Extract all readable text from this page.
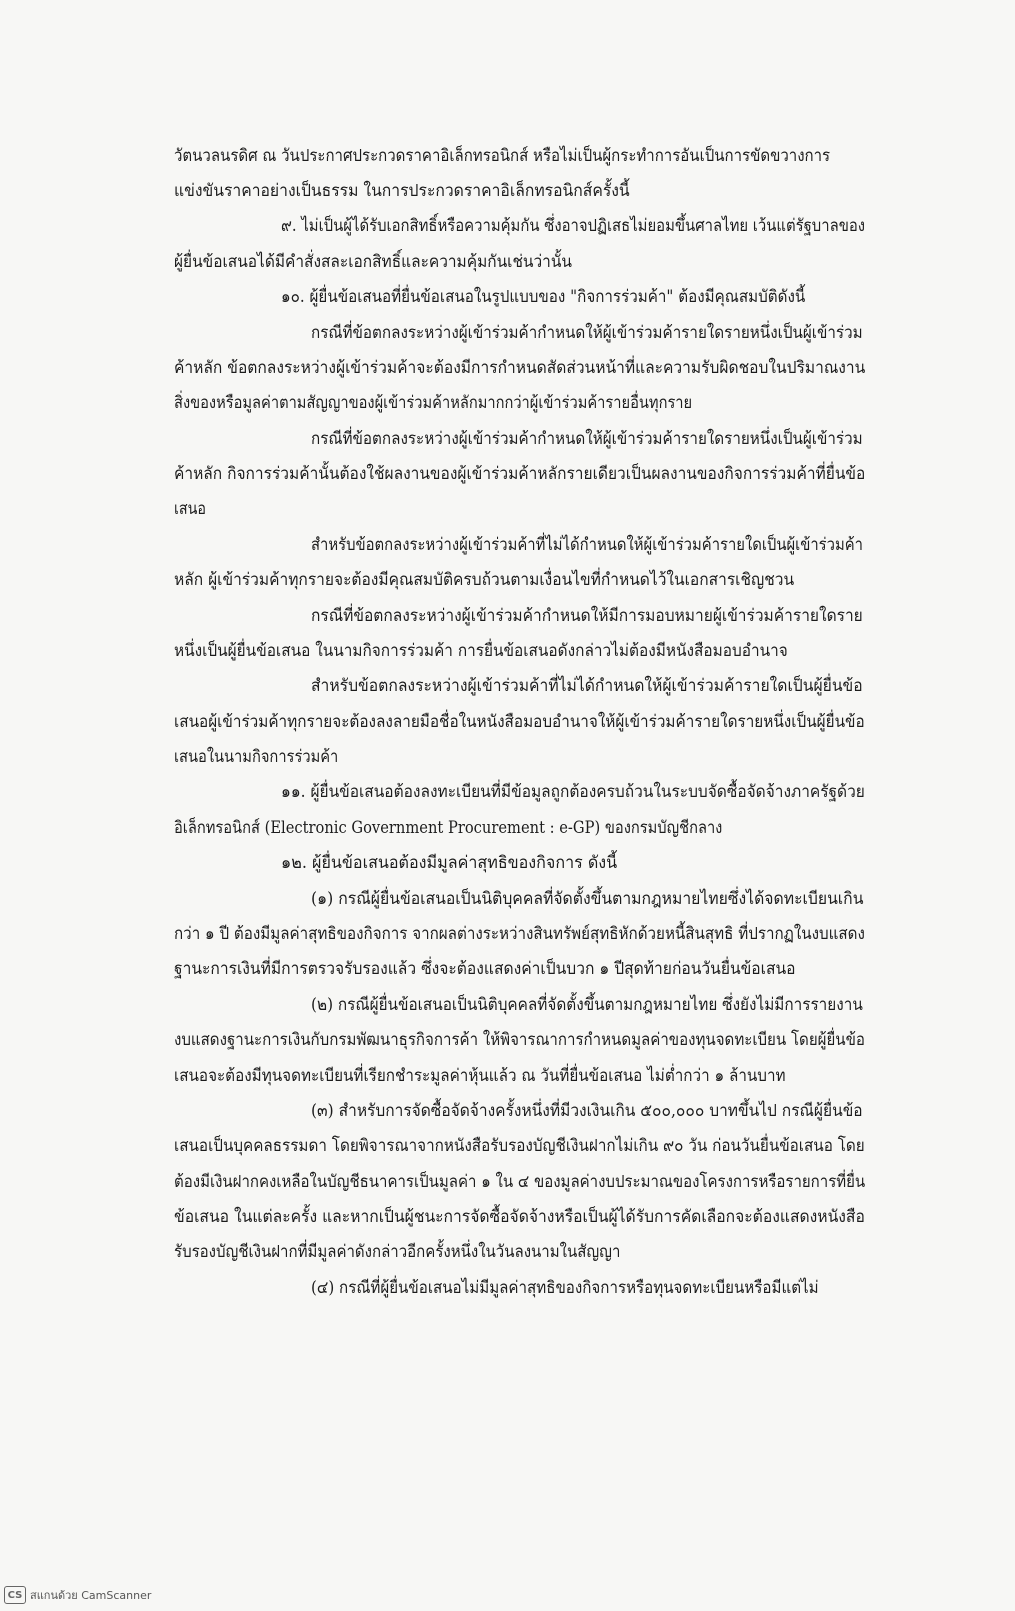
วัตนวลนรดิศ ณ วันประกาศประกวดราคาอิเล็กทรอนิกส์ หรือไม่เป็นผู้กระทำการอันเป็นการขัดขวางการ
แข่งขันราคาอย่างเป็นธรรม ในการประกวดราคาอิเล็กทรอนิกส์ครั้งนี้
๙. ไม่เป็นผู้ได้รับเอกสิทธิ์หรือความคุ้มกัน ซึ่งอาจปฏิเสธไม่ยอมขึ้นศาลไทย เว้นแต่รัฐบาลของ
ผู้ยื่นข้อเสนอได้มีคำสั่งสละเอกสิทธิ์และความคุ้มกันเช่นว่านั้น
๑๐. ผู้ยื่นข้อเสนอที่ยื่นข้อเสนอในรูปแบบของ "กิจการร่วมค้า" ต้องมีคุณสมบัติดังนี้
กรณีที่ข้อตกลงระหว่างผู้เข้าร่วมค้ากำหนดให้ผู้เข้าร่วมค้ารายใดรายหนึ่งเป็นผู้เข้าร่วม
ค้าหลัก ข้อตกลงระหว่างผู้เข้าร่วมค้าจะต้องมีการกำหนดสัดส่วนหน้าที่และความรับผิดชอบในปริมาณงาน
สิ่งของหรือมูลค่าตามสัญญาของผู้เข้าร่วมค้าหลักมากกว่าผู้เข้าร่วมค้ารายอื่นทุกราย
กรณีที่ข้อตกลงระหว่างผู้เข้าร่วมค้ากำหนดให้ผู้เข้าร่วมค้ารายใดรายหนึ่งเป็นผู้เข้าร่วม
ค้าหลัก กิจการร่วมค้านั้นต้องใช้ผลงานของผู้เข้าร่วมค้าหลักรายเดียวเป็นผลงานของกิจการร่วมค้าที่ยื่นข้อ
เสนอ
สำหรับข้อตกลงระหว่างผู้เข้าร่วมค้าที่ไม่ได้กำหนดให้ผู้เข้าร่วมค้ารายใดเป็นผู้เข้าร่วมค้า
หลัก ผู้เข้าร่วมค้าทุกรายจะต้องมีคุณสมบัติครบถ้วนตามเงื่อนไขที่กำหนดไว้ในเอกสารเชิญชวน
กรณีที่ข้อตกลงระหว่างผู้เข้าร่วมค้ากำหนดให้มีการมอบหมายผู้เข้าร่วมค้ารายใดราย
หนึ่งเป็นผู้ยื่นข้อเสนอ ในนามกิจการร่วมค้า การยื่นข้อเสนอดังกล่าวไม่ต้องมีหนังสือมอบอำนาจ
สำหรับข้อตกลงระหว่างผู้เข้าร่วมค้าที่ไม่ได้กำหนดให้ผู้เข้าร่วมค้ารายใดเป็นผู้ยื่นข้อ
เสนอผู้เข้าร่วมค้าทุกรายจะต้องลงลายมือชื่อในหนังสือมอบอำนาจให้ผู้เข้าร่วมค้ารายใดรายหนึ่งเป็นผู้ยื่นข้อ
เสนอในนามกิจการร่วมค้า
๑๑. ผู้ยื่นข้อเสนอต้องลงทะเบียนที่มีข้อมูลถูกต้องครบถ้วนในระบบจัดซื้อจัดจ้างภาครัฐด้วย
อิเล็กทรอนิกส์ (Electronic Government Procurement : e-GP) ของกรมบัญชีกลาง
๑๒. ผู้ยื่นข้อเสนอต้องมีมูลค่าสุทธิของกิจการ ดังนี้
(๑) กรณีผู้ยื่นข้อเสนอเป็นนิติบุคคลที่จัดตั้งขึ้นตามกฎหมายไทยซึ่งได้จดทะเบียนเกิน
กว่า ๑ ปี ต้องมีมูลค่าสุทธิของกิจการ จากผลต่างระหว่างสินทรัพย์สุทธิหักด้วยหนี้สินสุทธิ ที่ปรากฏในงบแสดง
ฐานะการเงินที่มีการตรวจรับรองแล้ว ซึ่งจะต้องแสดงค่าเป็นบวก ๑ ปีสุดท้ายก่อนวันยื่นข้อเสนอ
(๒) กรณีผู้ยื่นข้อเสนอเป็นนิติบุคคลที่จัดตั้งขึ้นตามกฎหมายไทย ซึ่งยังไม่มีการรายงาน
งบแสดงฐานะการเงินกับกรมพัฒนาธุรกิจการค้า ให้พิจารณาการกำหนดมูลค่าของทุนจดทะเบียน โดยผู้ยื่นข้อ
เสนอจะต้องมีทุนจดทะเบียนที่เรียกชำระมูลค่าหุ้นแล้ว ณ วันที่ยื่นข้อเสนอ ไม่ต่ำกว่า ๑ ล้านบาท
(๓) สำหรับการจัดซื้อจัดจ้างครั้งหนึ่งที่มีวงเงินเกิน ๕๐๐,๐๐๐ บาทขึ้นไป กรณีผู้ยื่นข้อ
เสนอเป็นบุคคลธรรมดา โดยพิจารณาจากหนังสือรับรองบัญชีเงินฝากไม่เกิน ๙๐ วัน ก่อนวันยื่นข้อเสนอ โดย
ต้องมีเงินฝากคงเหลือในบัญชีธนาคารเป็นมูลค่า ๑ ใน ๔ ของมูลค่างบประมาณของโครงการหรือรายการที่ยื่น
ข้อเสนอ ในแต่ละครั้ง และหากเป็นผู้ชนะการจัดซื้อจัดจ้างหรือเป็นผู้ได้รับการคัดเลือกจะต้องแสดงหนังสือ
รับรองบัญชีเงินฝากที่มีมูลค่าดังกล่าวอีกครั้งหนึ่งในวันลงนามในสัญญา
(๔) กรณีที่ผู้ยื่นข้อเสนอไม่มีมูลค่าสุทธิของกิจการหรือทุนจดทะเบียนหรือมีแต่ไม่
CS สแกนด้วย CamScanner
